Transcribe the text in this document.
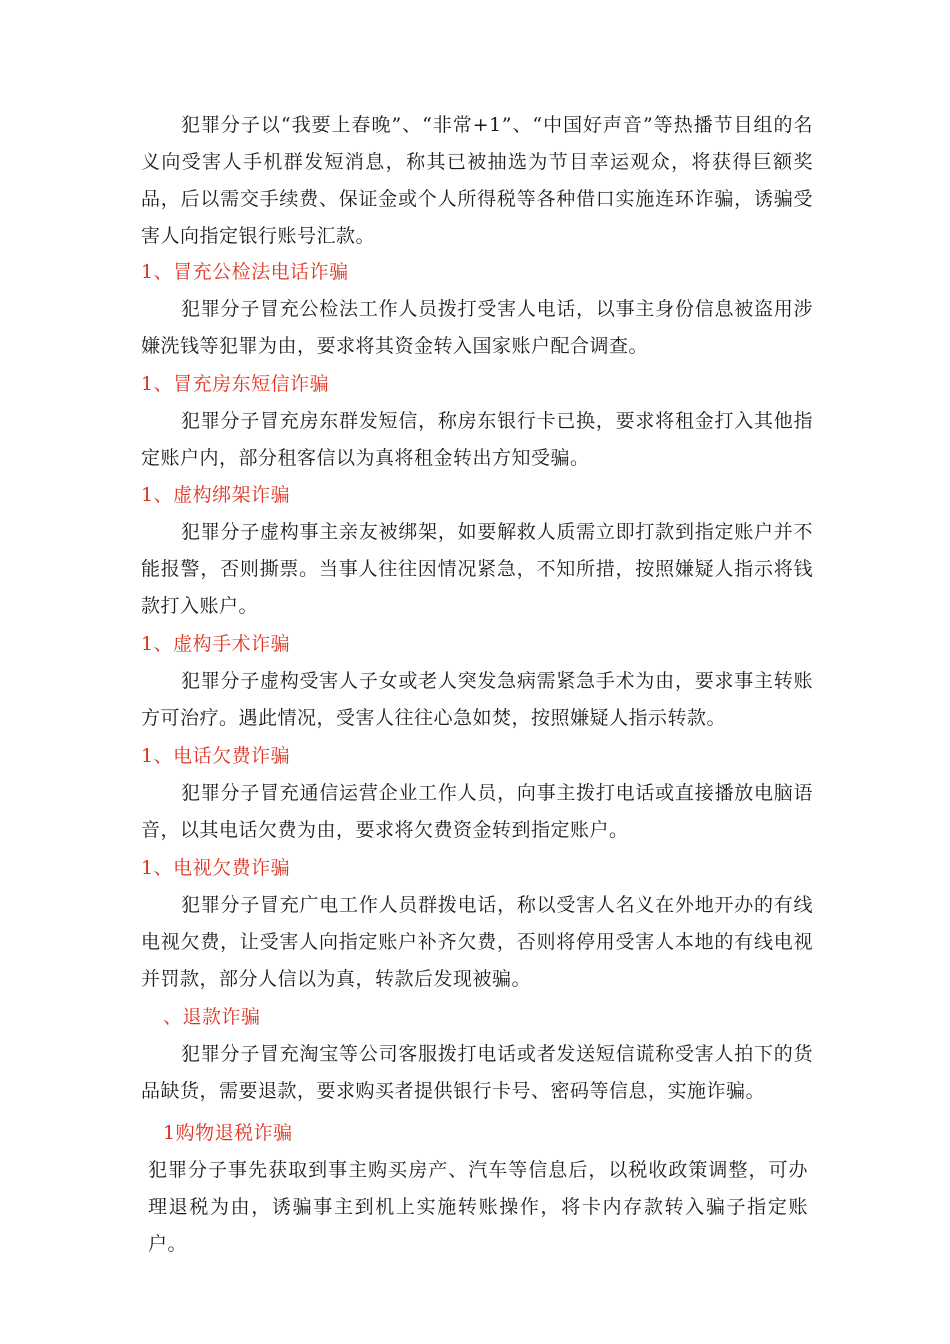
犯罪分子以“我要上春晚”、“非常+1”、“中国好声音”等热播节目组的名义向受害人手机群发短消息，称其已被抽选为节目幸运观众，将获得巨额奖品，后以需交手续费、保证金或个人所得税等各种借口实施连环诈骗，诱骗受害人向指定银行账号汇款。

1、冒充公检法电话诈骗

犯罪分子冒充公检法工作人员拨打受害人电话，以事主身份信息被盗用涉嫌洗钱等犯罪为由，要求将其资金转入国家账户配合调查。

1、冒充房东短信诈骗

犯罪分子冒充房东群发短信，称房东银行卡已换，要求将租金打入其他指定账户内，部分租客信以为真将租金转出方知受骗。

1、虚构绑架诈骗

犯罪分子虚构事主亲友被绑架，如要解救人质需立即打款到指定账户并不能报警，否则撕票。当事人往往因情况紧急，不知所措，按照嫌疑人指示将钱款打入账户。

1、虚构手术诈骗

犯罪分子虚构受害人子女或老人突发急病需紧急手术为由，要求事主转账方可治疗。遇此情况，受害人往往心急如焚，按照嫌疑人指示转款。

1、电话欠费诈骗

犯罪分子冒充通信运营企业工作人员，向事主拨打电话或直接播放电脑语音，以其电话欠费为由，要求将欠费资金转到指定账户。

1、电视欠费诈骗

犯罪分子冒充广电工作人员群拨电话，称以受害人名义在外地开办的有线电视欠费，让受害人向指定账户补齐欠费，否则将停用受害人本地的有线电视并罚款，部分人信以为真，转款后发现被骗。

、退款诈骗

犯罪分子冒充淘宝等公司客服拨打电话或者发送短信谎称受害人拍下的货品缺货，需要退款，要求购买者提供银行卡号、密码等信息，实施诈骗。

1购物退税诈骗

犯罪分子事先获取到事主购买房产、汽车等信息后，以税收政策调整，可办理退税为由，诱骗事主到机上实施转账操作，将卡内存款转入骗子指定账户。
